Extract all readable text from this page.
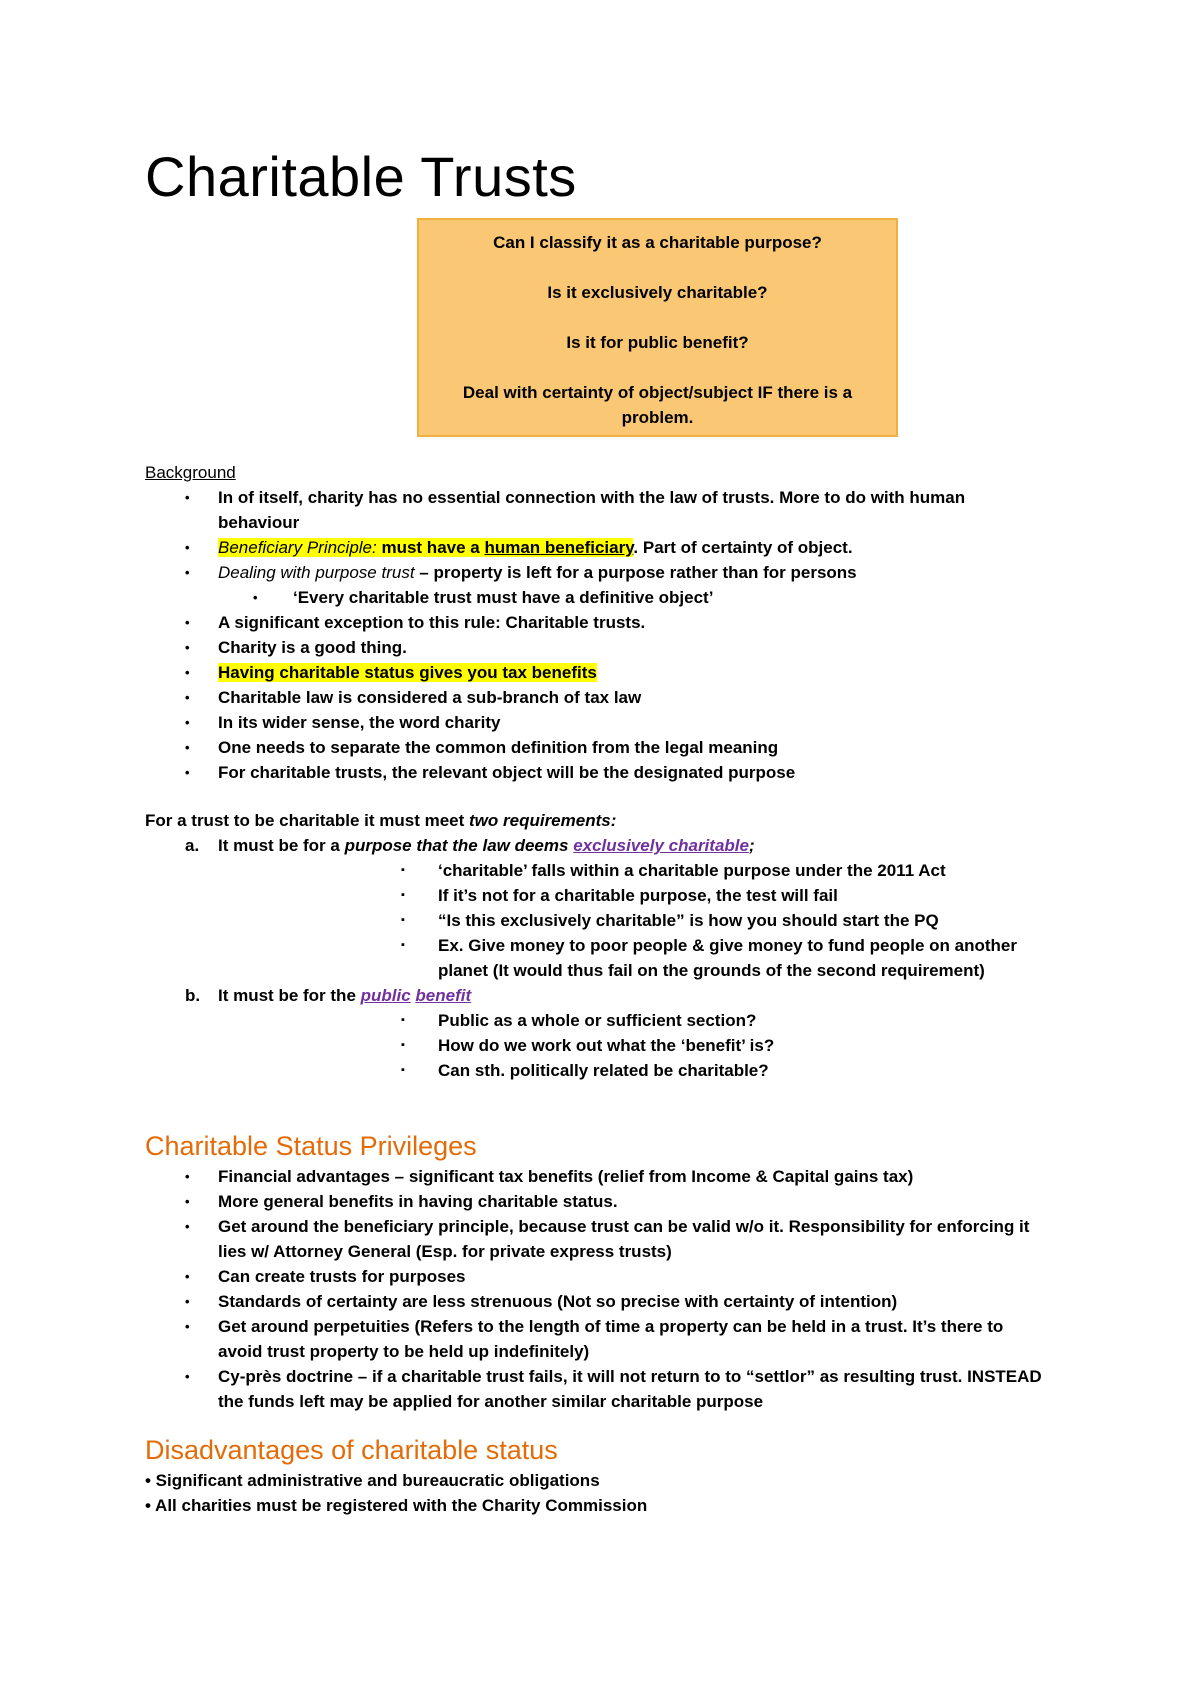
Charitable Trusts

Can I classify it as a charitable purpose?

Is it exclusively charitable?

Is it for public benefit?

Deal with certainty of object/subject IF there is a problem.

Background
• In of itself, charity has no essential connection with the law of trusts. More to do with human
behaviour
• Beneficiary Principle: must have a human beneficiary. Part of certainty of object.
• Dealing with purpose trust – property is left for a purpose rather than for persons
• ‘Every charitable trust must have a definitive object’
• A significant exception to this rule: Charitable trusts.
• Charity is a good thing.
• Having charitable status gives you tax benefits
• Charitable law is considered a sub-branch of tax law
• In its wider sense, the word charity
• One needs to separate the common definition from the legal meaning
• For charitable trusts, the relevant object will be the designated purpose
For a trust to be charitable it must meet two requirements:
a. It must be for a purpose that the law deems exclusively charitable;
▪ ‘charitable’ falls within a charitable purpose under the 2011 Act
▪ If it’s not for a charitable purpose, the test will fail
▪ “Is this exclusively charitable” is how you should start the PQ
▪ Ex. Give money to poor people & give money to fund people on another
planet (It would thus fail on the grounds of the second requirement)
b. It must be for the public benefit
▪ Public as a whole or sufficient section?
▪ How do we work out what the ‘benefit’ is?
▪ Can sth. politically related be charitable?
Charitable Status Privileges
• Financial advantages – significant tax benefits (relief from Income & Capital gains tax)
• More general benefits in having charitable status.
• Get around the beneficiary principle, because trust can be valid w/o it. Responsibility for enforcing it
lies w/ Attorney General (Esp. for private express trusts)
• Can create trusts for purposes
• Standards of certainty are less strenuous (Not so precise with certainty of intention)
• Get around perpetuities (Refers to the length of time a property can be held in a trust. It’s there to
avoid trust property to be held up indefinitely)
• Cy-près doctrine – if a charitable trust fails, it will not return to to “settlor” as resulting trust. INSTEAD
the funds left may be applied for another similar charitable purpose
Disadvantages of charitable status
• Significant administrative and bureaucratic obligations
• All charities must be registered with the Charity Commission
